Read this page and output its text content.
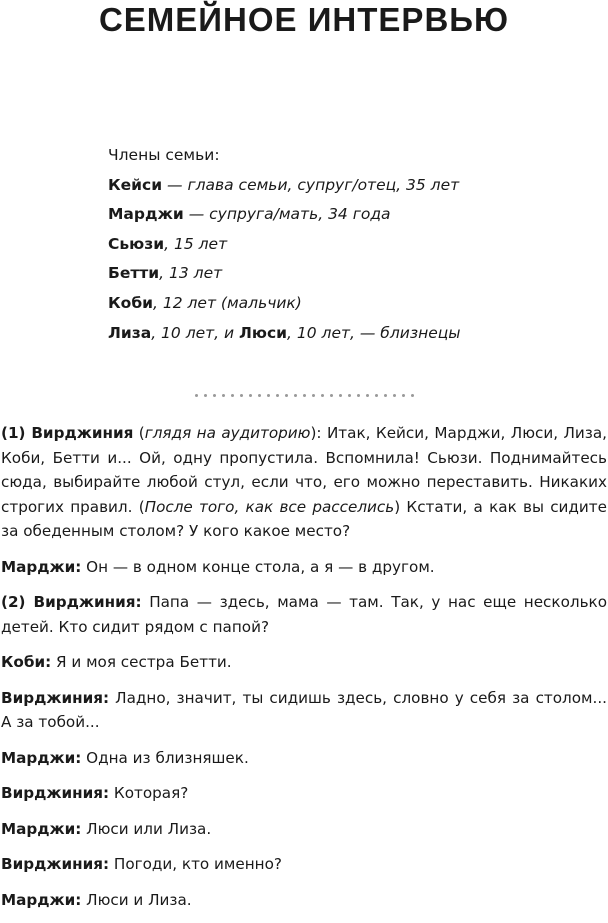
СЕМЕЙНОЕ ИНТЕРВЬЮ
Члены семьи:
Кейси — глава семьи, супруг/отец, 35 лет
Марджи — супруга/мать, 34 года
Сьюзи, 15 лет
Бетти, 13 лет
Коби, 12 лет (мальчик)
Лиза, 10 лет, и Люси, 10 лет, — близнецы

(1) Вирджиния (глядя на аудиторию): Итак, Кейси, Марджи, Люси, Лиза, Коби, Бетти и... Ой, одну пропустила. Вспомнила! Сьюзи. Поднимайтесь сюда, выбирайте любой стул, если что, его можно переставить. Никаких строгих правил. (После того, как все расселись) Кстати, а как вы сидите за обеденным столом? У кого какое место?

Марджи: Он — в одном конце стола, а я — в другом.

(2) Вирджиния: Папа — здесь, мама — там. Так, у нас еще несколько детей. Кто сидит рядом с папой?

Коби: Я и моя сестра Бетти.

Вирджиния: Ладно, значит, ты сидишь здесь, словно у себя за столом... А за тобой...

Марджи: Одна из близняшек.

Вирджиния: Которая?

Марджи: Люси или Лиза.

Вирджиния: Погоди, кто именно?

Марджи: Люси и Лиза.
